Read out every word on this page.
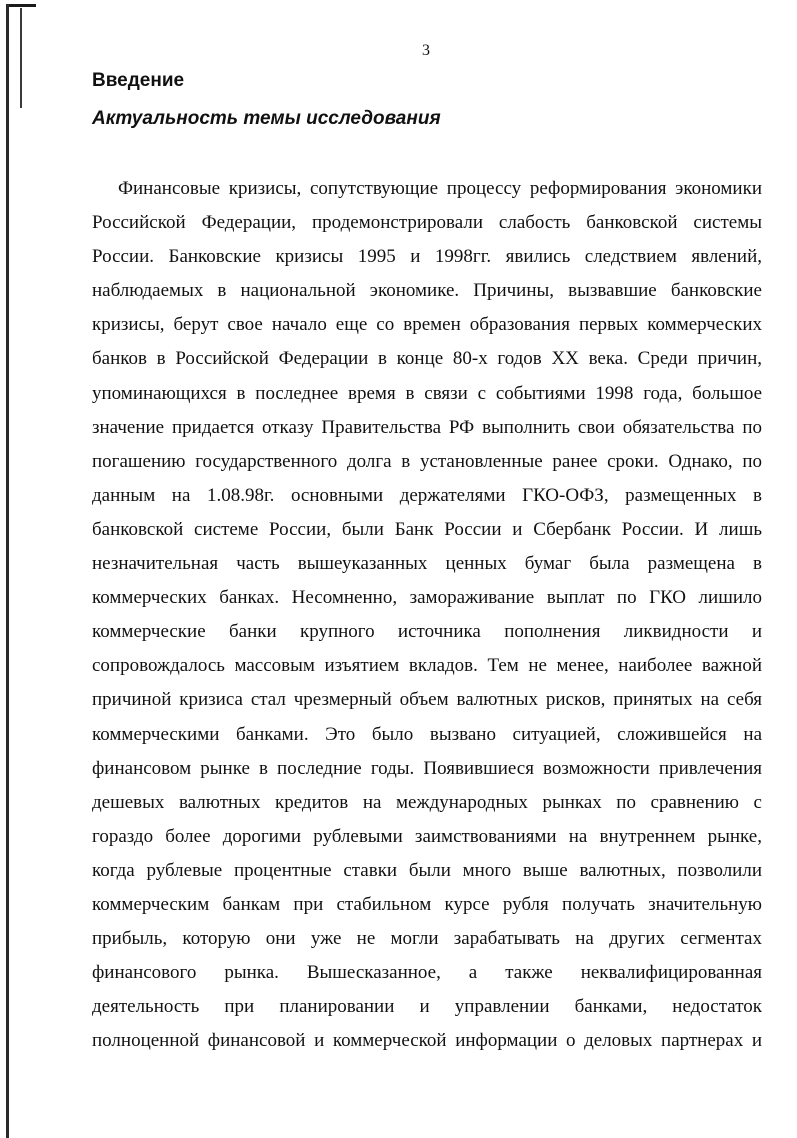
3
Введение
Актуальность темы исследования

Финансовые кризисы, сопутствующие процессу реформирования экономики
Российской Федерации, продемонстрировали слабость банковской системы
России. Банковские кризисы 1995 и 1998гг. явились следствием явлений,
наблюдаемых в национальной экономике. Причины, вызвавшие банковские
кризисы, берут свое начало еще со времен образования первых коммерческих
банков в Российской Федерации в конце 80-х годов XX века. Среди причин,
упоминающихся в последнее время в связи с событиями 1998 года, большое
значение придается отказу Правительства РФ выполнить свои обязательства по
погашению государственного долга в установленные ранее сроки. Однако, по
данным на 1.08.98г. основными держателями ГКО-ОФЗ, размещенных в
банковской системе России, были Банк России и Сбербанк России. И лишь
незначительная часть вышеуказанных ценных бумаг была размещена в
коммерческих банках. Несомненно, замораживание выплат по ГКО лишило
коммерческие банки крупного источника пополнения ликвидности и
сопровождалось массовым изъятием вкладов. Тем не менее, наиболее важной
причиной кризиса стал чрезмерный объем валютных рисков, принятых на себя
коммерческими банками. Это было вызвано ситуацией, сложившейся на
финансовом рынке в последние годы. Появившиеся возможности привлечения
дешевых валютных кредитов на международных рынках по сравнению с
гораздо более дорогими рублевыми заимствованиями на внутреннем рынке,
когда рублевые процентные ставки были много выше валютных, позволили
коммерческим банкам при стабильном курсе рубля получать значительную
прибыль, которую они уже не могли зарабатывать на других сегментах
финансового рынка. Вышесказанное, а также неквалифицированная
деятельность при планировании и управлении банками, недостаток
полноценной финансовой и коммерческой информации о деловых партнерах и
